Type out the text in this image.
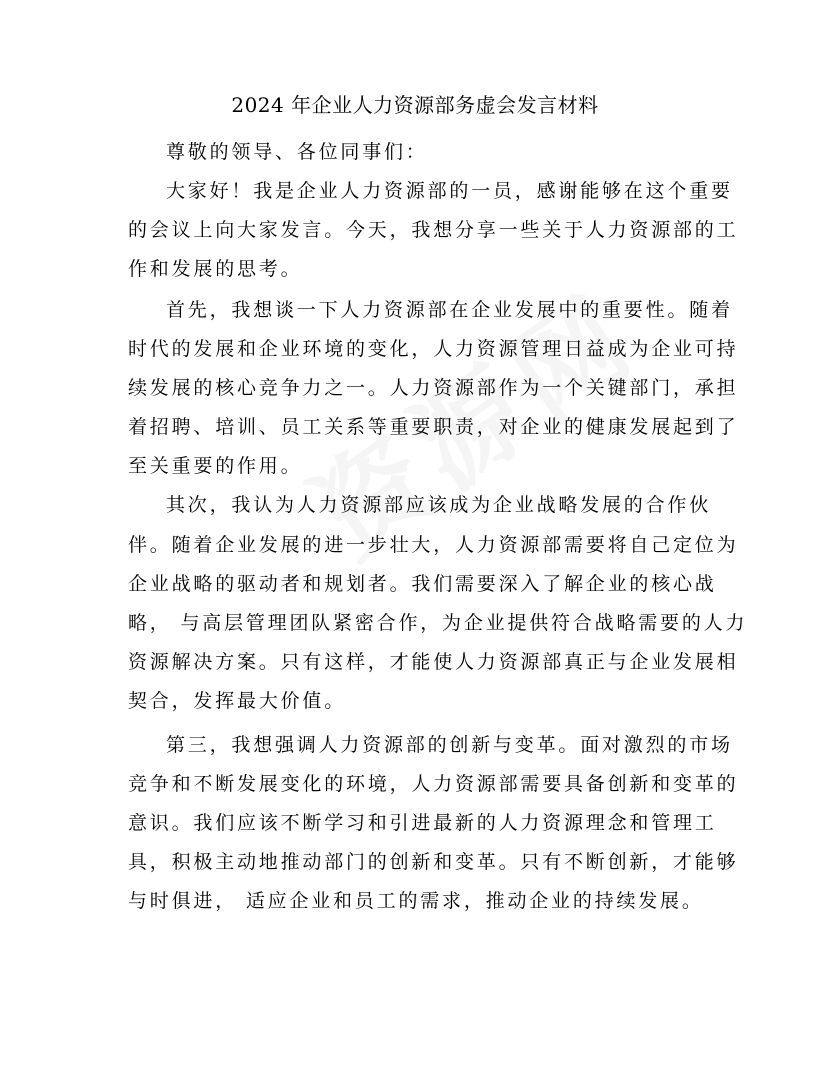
2024 年企业人力资源部务虚会发言材料
尊敬的领导、各位同事们：
大家好！我是企业人力资源部的一员，感谢能够在这个重要
的会议上向大家发言。今天，我想分享一些关于人力资源部的工
作和发展的思考。
首先，我想谈一下人力资源部在企业发展中的重要性。随着
时代的发展和企业环境的变化，人力资源管理日益成为企业可持
续发展的核心竞争力之一。人力资源部作为一个关键部门，承担
着招聘、培训、员工关系等重要职责，对企业的健康发展起到了
至关重要的作用。
其次，我认为人力资源部应该成为企业战略发展的合作伙
伴。随着企业发展的进一步壮大，人力资源部需要将自己定位为
企业战略的驱动者和规划者。我们需要深入了解企业的核心战
略， 与高层管理团队紧密合作，为企业提供符合战略需要的人力
资源解决方案。只有这样，才能使人力资源部真正与企业发展相
契合，发挥最大价值。
第三，我想强调人力资源部的创新与变革。面对激烈的市场
竞争和不断发展变化的环境，人力资源部需要具备创新和变革的
意识。我们应该不断学习和引进最新的人力资源理念和管理工
具，积极主动地推动部门的创新和变革。只有不断创新，才能够
与时俱进， 适应企业和员工的需求，推动企业的持续发展。
